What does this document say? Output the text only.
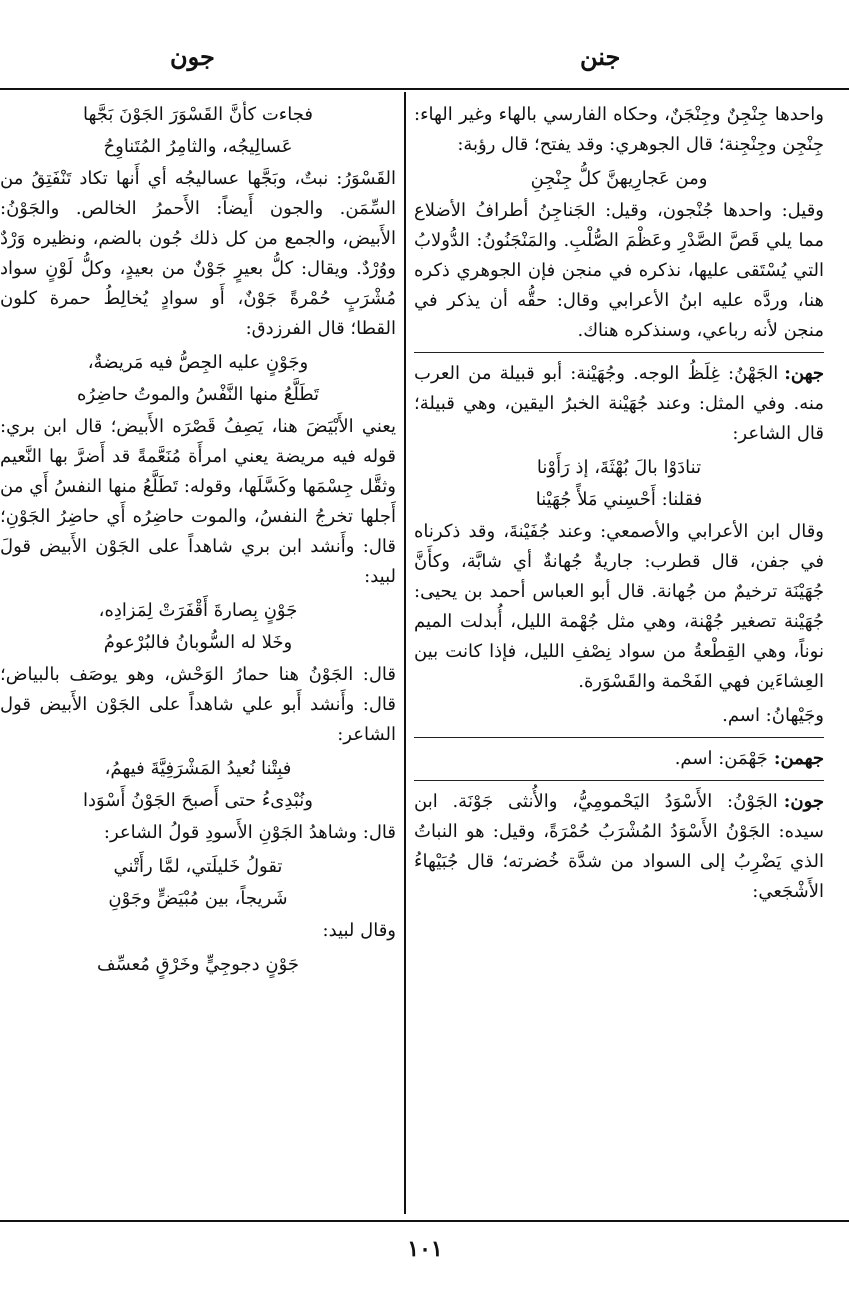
جنن
جون
واحدها جِنْجِنٌ وجِنْجَنٌ، وحكاه الفارسي بالهاء وغير الهاء: جِنْجِن وجِنْجِنة؛ قال الجوهري: وقد يفتح؛ قال رؤبة:
ومن عَجارِيهنَّ كلُّ جِنْجِنِ
وقيل: واحدها جُنْجون، وقيل: الجَناجِنُ أطرافُ الأضلاع مما يلي قَصَّ الصَّدْرِ وعَظْمَ الصُّلْبِ. والمَنْجَنُونُ: الدُّولابُ التي يُسْتَقى عليها، نذكره في منجن فإن الجوهري ذكره هنا، وردَّه عليه ابنُ الأعرابي وقال: حقُّه أن يذكر في منجن لأنه رباعي، وسنذكره هناك.
جهن:الجَهْنُ: غِلَظُ الوجه. وجُهَيْنة: أبو قبيلة من العرب منه. وفي المثل: وعند جُهَيْنة الخبرُ اليقين، وهي قبيلة؛ قال الشاعر:
تنادَوْا بالَ بُهْثَةَ، إذ رَأَوْنا
فقلنا: أَحْسِني مَلأً جُهَيْنا
وقال ابن الأعرابي والأصمعي: وعند جُفَيْنةَ، وقد ذكرناه في جفن، قال قطرب: جاريةٌ جُهانةٌ أي شابَّة، وكأَنَّ جُهَيْنَة ترخيمٌ من جُهانة. قال أبو العباس أحمد بن يحيى: جُهَيْنة تصغير جُهْنة، وهي مثل جُهْمة الليل، أُبدلت الميم نوناً، وهي القِطْعةُ من سواد نِصْفِ الليل، فإذا كانت بين العِشاءَين فهي الفَحْمة والقَسْوَرة.
وجَيْهانُ: اسم.
جهمن:جَهْمَن: اسم.
جون:الجَوْنُ: الأَسْوَدُ اليَحْمومِيُّ، والأُنثى جَوْنَة. ابن سيده: الجَوْنُ الأَسْوَدُ المُشْرَبُ حُمْرَةً، وقيل: هو النباتُ الذي يَضْرِبُ إلى السواد من شدَّة خُضرته؛ قال جُبَيْهاءُ الأَشْجَعي:
فجاءت كأَنَّ القَسْوَرَ الجَوْنَ بَجَّها
عَسالِيجُه، والثامِرُ المُتَناوِحُ
القَسْوَرُ: نبتٌ، وبَجَّها عساليجُه أي أَنها تكاد تَنْفَتِقُ من السِّمَن. والجون أَيضاً: الأَحمرُ الخالص. والجَوْنُ: الأَبيض، والجمع من كل ذلك جُون بالضم، ونظيره وَرْدٌ ووُرْدٌ. ويقال: كلُّ بعيرٍ جَوْنٌ من بعيدٍ، وكلُّ لَوْنٍ سواد مُشْرَبٍ حُمْرةً جَوْنٌ، أَو سوادٍ يُخالِطُ حمرة كلون القطا؛ قال الفرزدق:
وجَوْنٍ عليه الجِصُّ فيه مَريضةٌ،
تَطَلَّعُ منها النَّفْسُ والموتُ حاضِرُه
يعني الأَبْيَضَ هنا، يَصِفُ قَصْرَه الأَبيض؛ قال ابن بري: قوله فيه مريضة يعني امرأَة مُنَعَّمةً قد أَضرَّ بها النَّعيم وثقَّل جِسْمَها وكَسَّلَها، وقوله: تَطَلَّعُ منها النفسُ أَي من أَجلها تخرجُ النفسُ، والموت حاضِرُه أَي حاضِرُ الجَوْنِ؛ قال: وأَنشد ابن بري شاهداً على الجَوْن الأَبيض قولَ لبيد:
جَوْنٍ بِصارةَ أَقْفَرَتْ لِمَزادِه،
وخَلا له السُّوبانُ فالبُرْعومُ
قال: الجَوْنُ هنا حمارُ الوَحْش، وهو يوصَف بالبياض؛ قال: وأَنشد أَبو علي شاهداً على الجَوْن الأَبيض قول الشاعر:
فبِتْنا نُعيدُ المَشْرَفِيَّةَ فيهمُ،
ونُبْدِىءُ حتى أَصبحَ الجَوْنُ أَسْوَدا
قال: وشاهدُ الجَوْنِ الأَسودِ قولُ الشاعر:
تقولُ خَليلَتي، لمَّا رأَتْني
شَريجاً، بين مُبْيَضٍّ وجَوْنِ
وقال لبيد:
جَوْنٍ دجوجِيٍّ وخَرْقٍ مُعسِّف
١٠١
